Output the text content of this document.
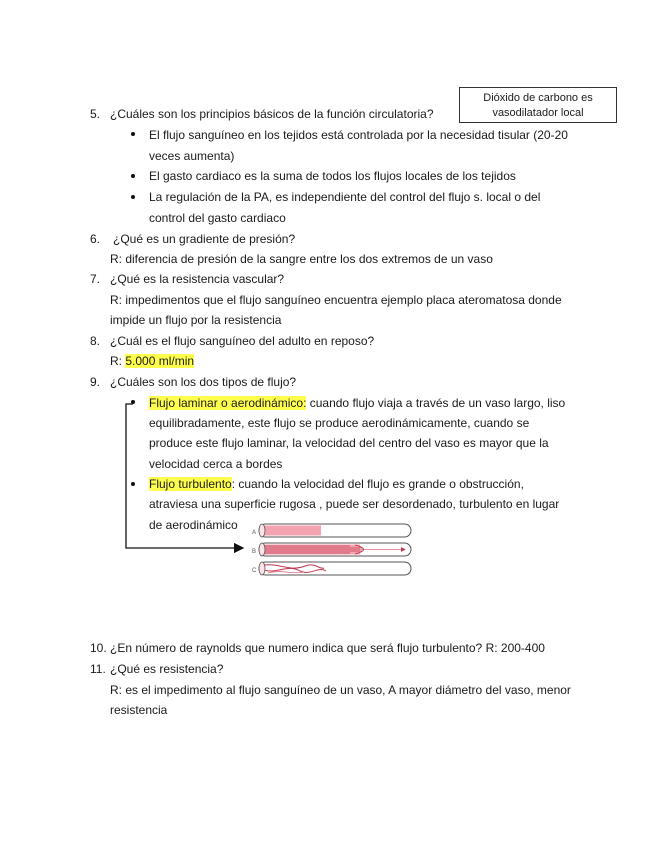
Dióxido de carbono es
vasodilatador local
5. ¿Cuáles son los principios básicos de la función circulatoria?
El flujo sanguíneo en los tejidos está controlada por la necesidad tisular (20-20
veces aumenta)
El gasto cardiaco es la suma de todos los flujos locales de los tejidos
La regulación de la PA, es independiente del control del flujo s. local o del
control del gasto cardiaco
6. ¿Qué es un gradiente de presión?
R: diferencia de presión de la sangre entre los dos extremos de un vaso
7. ¿Qué es la resistencia vascular?
R: impedimentos que el flujo sanguíneo encuentra ejemplo placa ateromatosa donde
impide un flujo por la resistencia
8. ¿Cuál es el flujo sanguíneo del adulto en reposo?
R: 5.000 ml/min
9. ¿Cuáles son los dos tipos de flujo?
Flujo laminar o aerodinámico: cuando flujo viaja a través de un vaso largo, liso
equilibradamente, este flujo se produce aerodinámicamente, cuando se
produce este flujo laminar, la velocidad del centro del vaso es mayor que la
velocidad cerca a bordes
Flujo turbulento: cuando la velocidad del flujo es grande o obstrucción,
atraviesa una superficie rugosa , puede ser desordenado, turbulento en lugar
de aerodinámico
A
B
C
10. ¿En número de raynolds que numero indica que será flujo turbulento? R: 200-400
11. ¿Qué es resistencia?
R: es el impedimento al flujo sanguíneo de un vaso, A mayor diámetro del vaso, menor
resistencia
